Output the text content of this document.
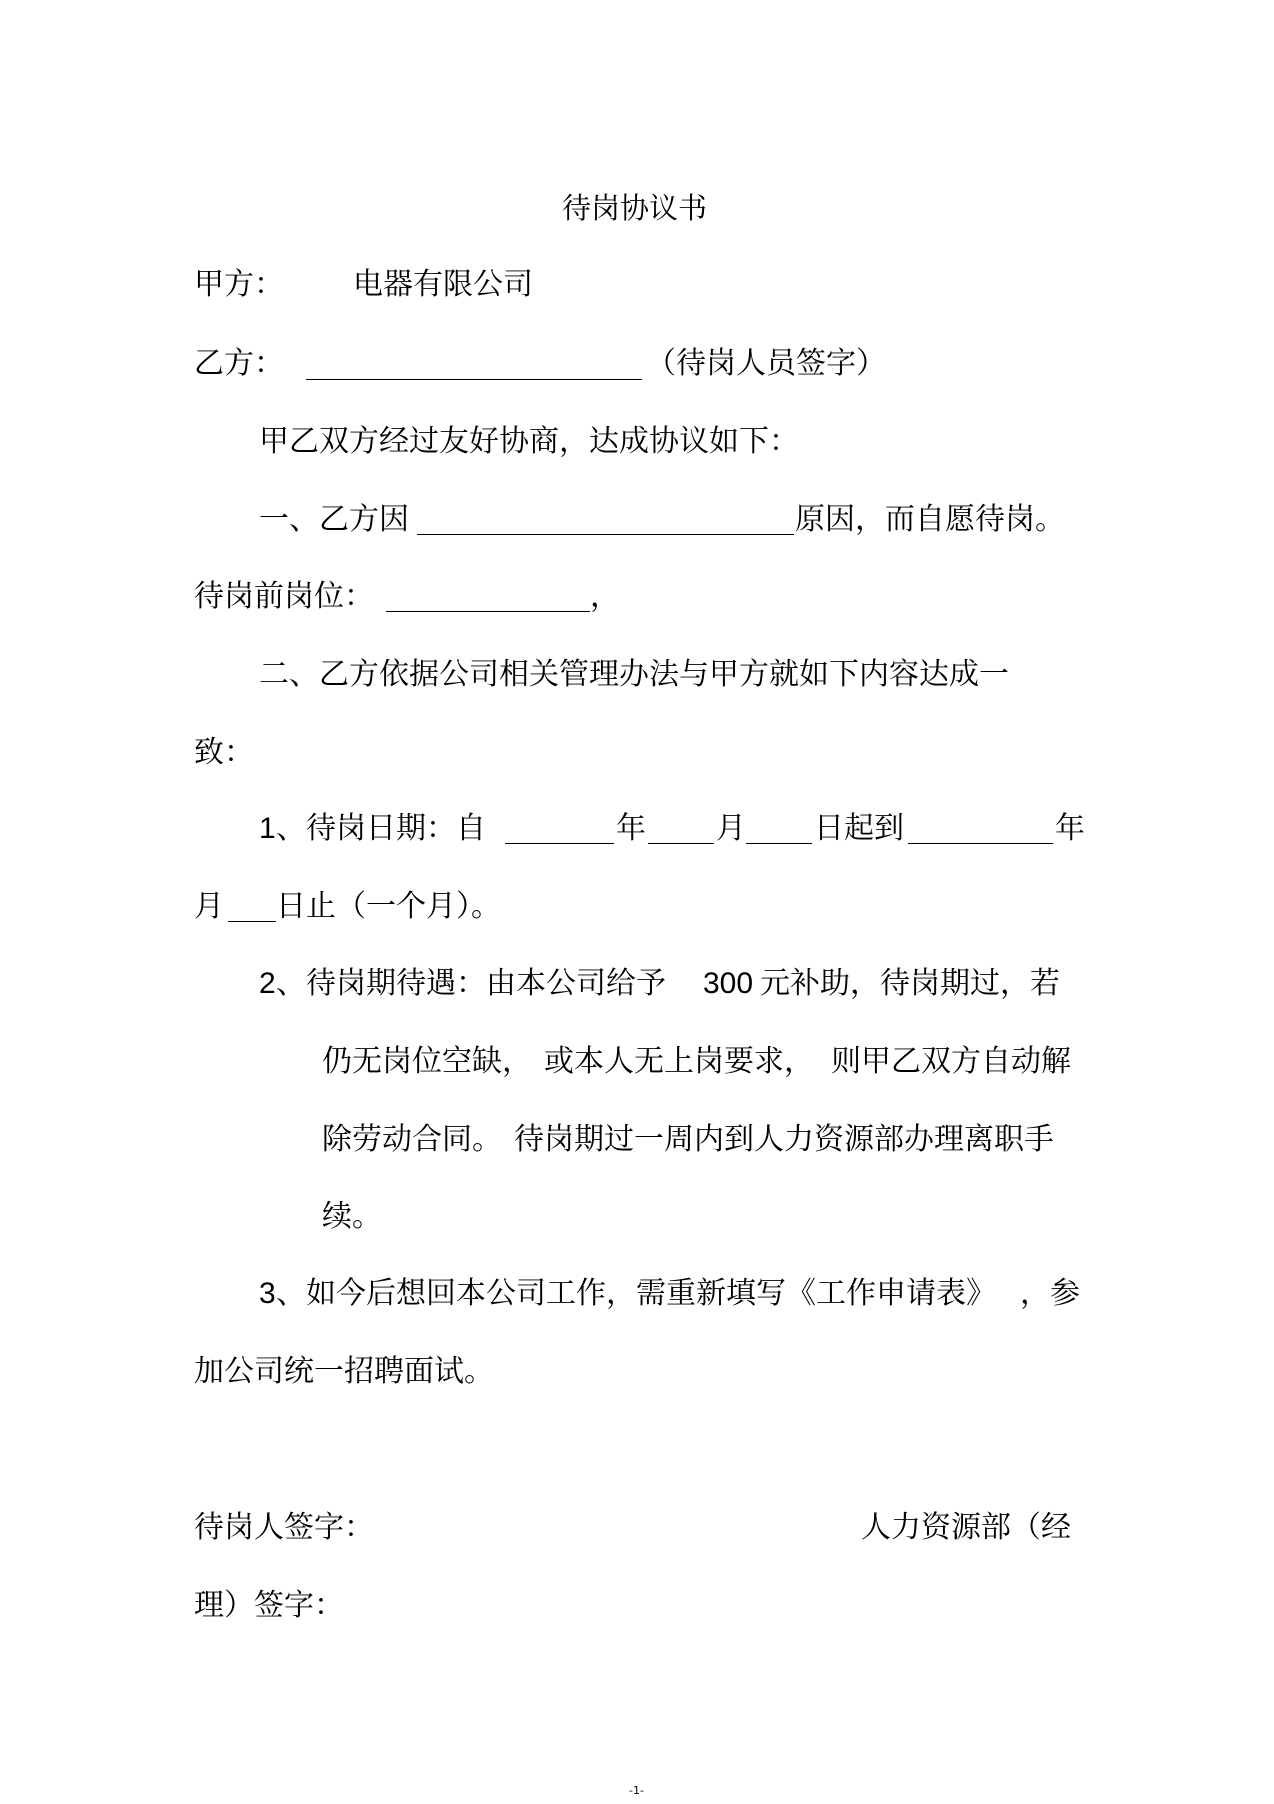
待岗协议书
甲方： 电器有限公司
乙方：	（待岗人员签字）
甲乙双方经过友好协商，达成协议如下：
一、乙方因	原因，而自愿待岗。
待岗前岗位：	，
二、乙方依据公司相关管理办法与甲方就如下内容达成一
致：
1 、待岗日期：自	年 月 日起到	年
月 日止（一个月）。
2 、待岗期待遇：由本公司给予 300 元补助，待岗期过，若
仍无岗位空缺， 或本人无上岗要求， 则甲乙双方自动解
除劳动合同。 待岗期过一周内到人力资源部办理离职手
续。
3 、如今后想回本公司工作，需重新填写《工作申请表》 ，参
加公司统一招聘面试。
待岗人签字：	人力资源部（经
理）签字：
-1-
